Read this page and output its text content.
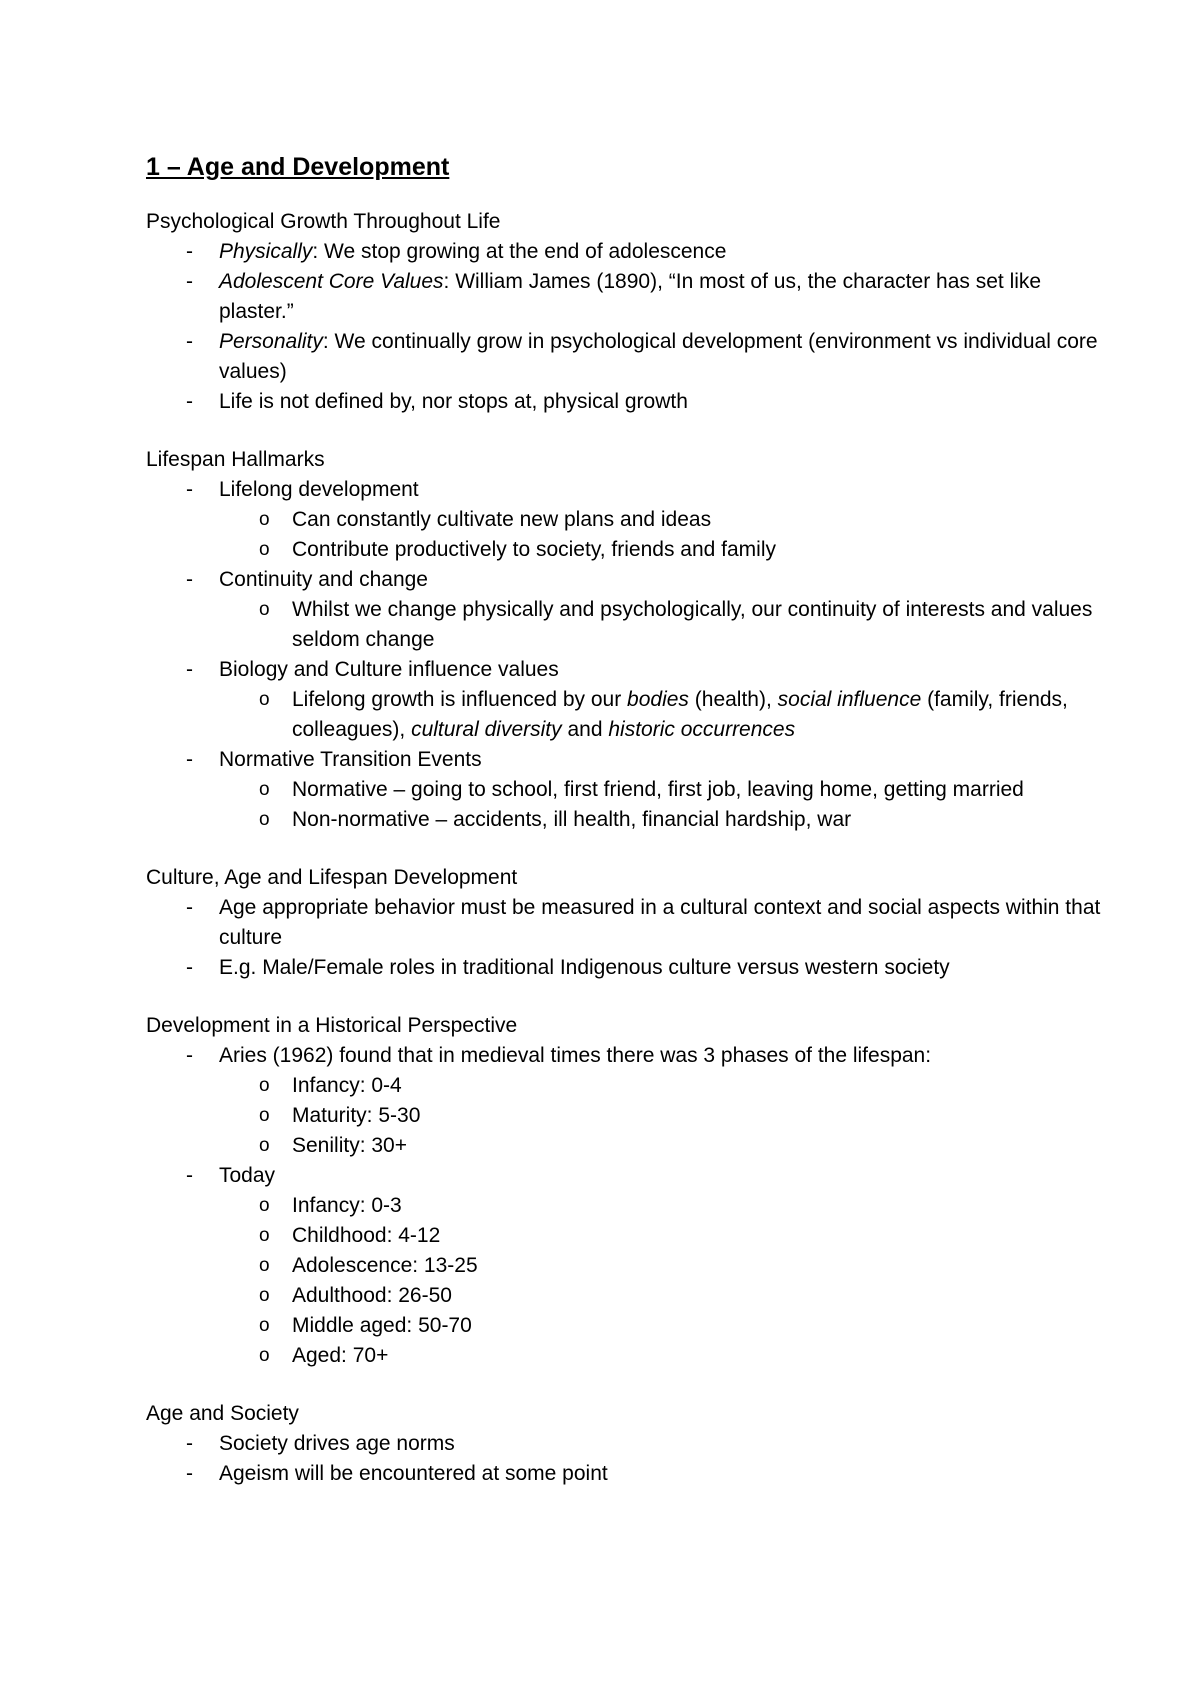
1 – Age and Development
Psychological Growth Throughout Life
- Physically: We stop growing at the end of adolescence
- Adolescent Core Values: William James (1890), “In most of us, the character has set like plaster.”
- Personality: We continually grow in psychological development (environment vs individual core values)
- Life is not defined by, nor stops at, physical growth
Lifespan Hallmarks
- Lifelong development
o Can constantly cultivate new plans and ideas
o Contribute productively to society, friends and family
- Continuity and change
o Whilst we change physically and psychologically, our continuity of interests and values seldom change
- Biology and Culture influence values
o Lifelong growth is influenced by our bodies (health), social influence (family, friends, colleagues), cultural diversity and historic occurrences
- Normative Transition Events
o Normative – going to school, first friend, first job, leaving home, getting married
o Non-normative – accidents, ill health, financial hardship, war
Culture, Age and Lifespan Development
- Age appropriate behavior must be measured in a cultural context and social aspects within that culture
- E.g. Male/Female roles in traditional Indigenous culture versus western society
Development in a Historical Perspective
- Aries (1962) found that in medieval times there was 3 phases of the lifespan:
o Infancy: 0-4
o Maturity: 5-30
o Senility: 30+
- Today
o Infancy: 0-3
o Childhood: 4-12
o Adolescence: 13-25
o Adulthood: 26-50
o Middle aged: 50-70
o Aged: 70+
Age and Society
- Society drives age norms
- Ageism will be encountered at some point
